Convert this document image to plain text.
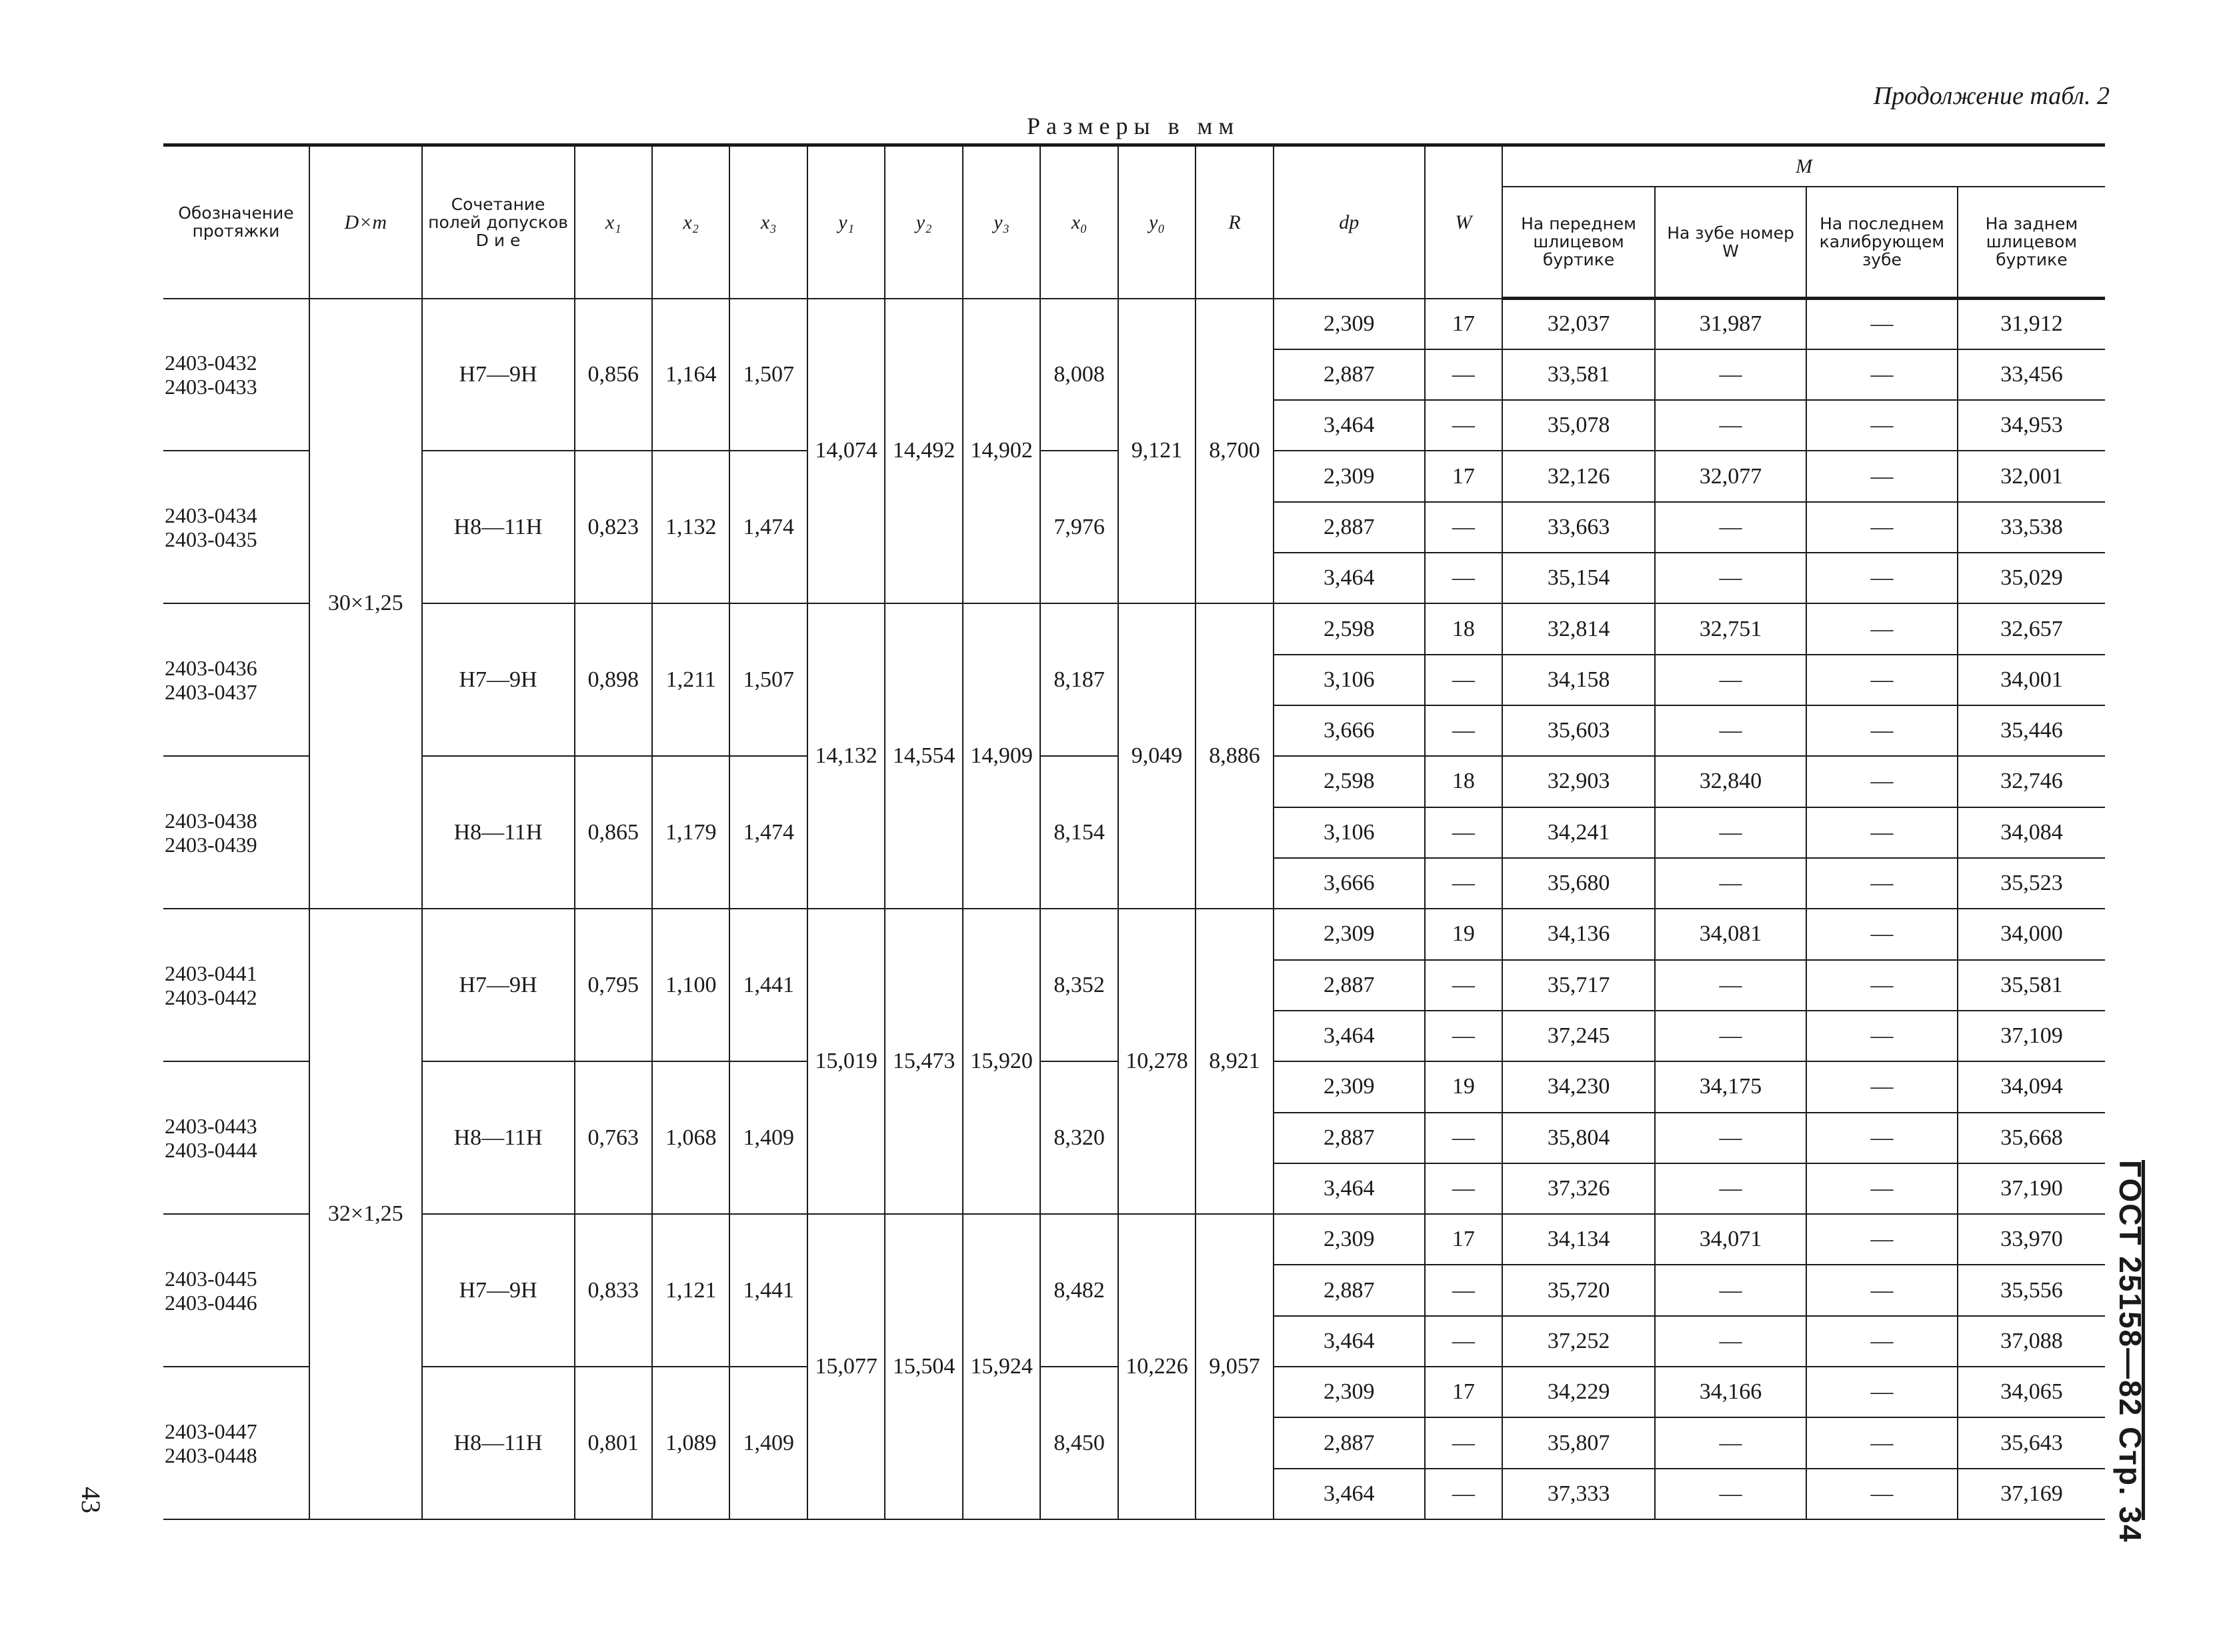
Продолжение табл. 2
Размеры в мм
43	ГОСТ 25158—82 Стр. 34
Обозначение протяжки	D×m	Сочетание полей допусков D и e	x₁	x₂	x₃	y₁	y₂	y₃	x₀	y₀	R	dp	W	M			
														На переднем шлицевом буртике	На зубе номер W	На последнем калибрующем зубе	На заднем шлицевом буртике

2403-0432
2403-0433	30×1,25	H7—9H	0,856	1,164	1,507	14,074	14,492	14,902	8,008	9,121	8,700	2,309	17	32,037	31,987	—	31,912
												2,887	—	33,581	—	—	33,456
												3,464	—	35,078	—	—	34,953

2403-0434
2403-0435		H8—11H	0,823	1,132	1,474				7,976			2,309	17	32,126	32,077	—	32,001
												2,887	—	33,663	—	—	33,538
												3,464	—	35,154	—	—	35,029

2403-0436
2403-0437		H7—9H	0,898	1,211	1,507	14,132	14,554	14,909	8,187	9,049	8,886	2,598	18	32,814	32,751	—	32,657
												3,106	—	34,158	—	—	34,001
												3,666	—	35,603	—	—	35,446

2403-0438
2403-0439		H8—11H	0,865	1,179	1,474				8,154			2,598	18	32,903	32,840	—	32,746
												3,106	—	34,241	—	—	34,084
												3,666	—	35,680	—	—	35,523

2403-0441
2403-0442	32×1,25	H7—9H	0,795	1,100	1,441	15,019	15,473	15,920	8,352	10,278	8,921	2,309	19	34,136	34,081	—	34,000
												2,887	—	35,717	—	—	35,581
												3,464	—	37,245	—	—	37,109

2403-0443
2403-0444		H8—11H	0,763	1,068	1,409				8,320			2,309	19	34,230	34,175	—	34,094
												2,887	—	35,804	—	—	35,668
												3,464	—	37,326	—	—	37,190

2403-0445
2403-0446		H7—9H	0,833	1,121	1,441	15,077	15,504	15,924	8,482	10,226	9,057	2,309	17	34,134	34,071	—	33,970
												2,887	—	35,720	—	—	35,556
												3,464	—	37,252	—	—	37,088

2403-0447
2403-0448		H8—11H	0,801	1,089	1,409				8,450			2,309	17	34,229	34,166	—	34,065
												2,887	—	35,807	—	—	35,643
												3,464	—	37,333	—	—	37,169
